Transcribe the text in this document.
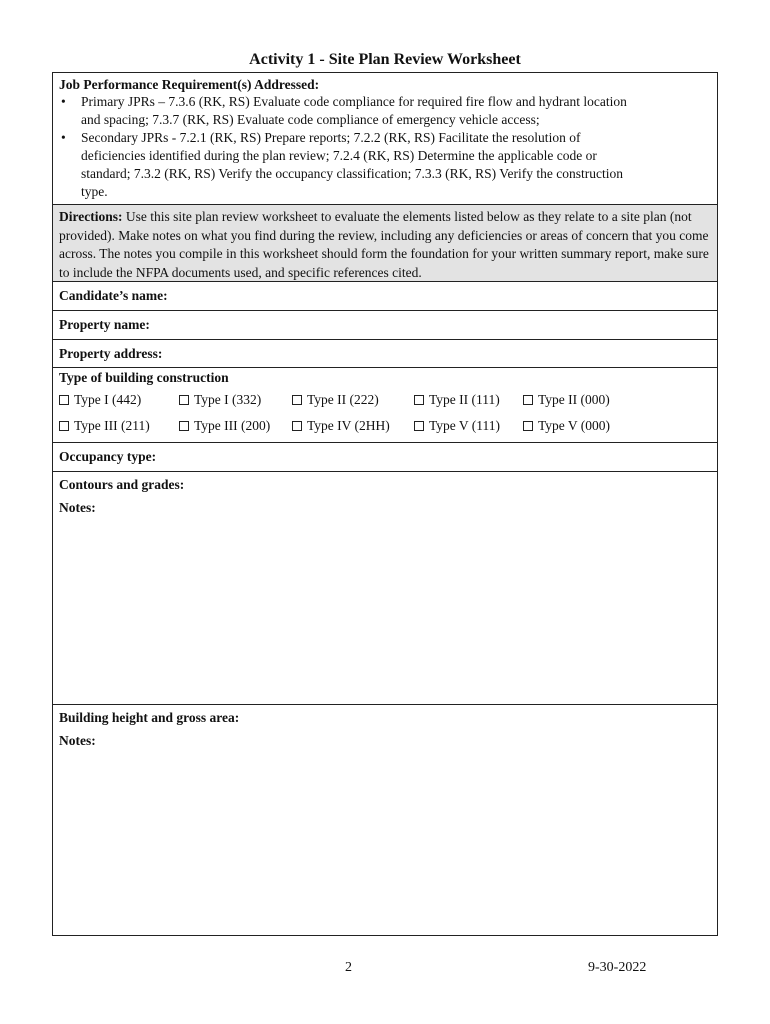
Activity 1 - Site Plan Review Worksheet
Job Performance Requirement(s) Addressed:
• Primary JPRs – 7.3.6 (RK, RS) Evaluate code compliance for required fire flow and hydrant location
and spacing; 7.3.7 (RK, RS) Evaluate code compliance of emergency vehicle access;
• Secondary JPRs - 7.2.1 (RK, RS) Prepare reports; 7.2.2 (RK, RS) Facilitate the resolution of
deficiencies identified during the plan review; 7.2.4 (RK, RS) Determine the applicable code or
standard; 7.3.2 (RK, RS) Verify the occupancy classification; 7.3.3 (RK, RS) Verify the construction
type.
Directions: Use this site plan review worksheet to evaluate the elements listed below as they relate to a site plan (not provided). Make notes on what you find during the review, including any deficiencies or areas of concern that you come across. The notes you compile in this worksheet should form the foundation for your written summary report, make sure to include the NFPA documents used, and specific references cited.
Candidate’s name:
Property name:
Property address:
Type of building construction
Type I (442)	Type I (332)	Type II (222)	Type II (111)	Type II (000)
Type III (211)	Type III (200)	Type IV (2HH)	Type V (111)	Type V (000)
Occupancy type:
Contours and grades:
Notes:
Building height and gross area:
Notes:
2	9-30-2022
